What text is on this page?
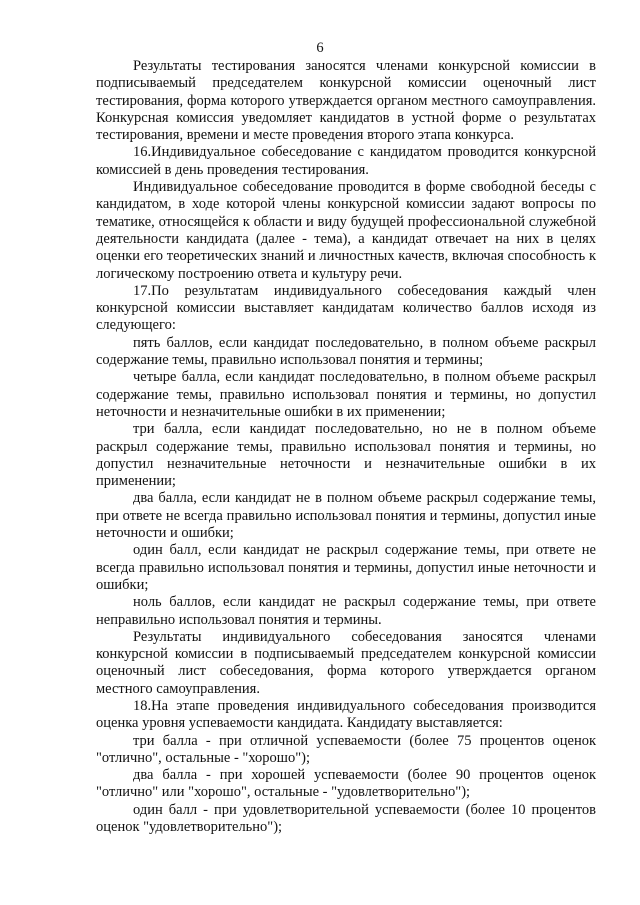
6

Результаты тестирования заносятся членами конкурсной комиссии в подписываемый председателем конкурсной комиссии оценочный лист тестирования, форма которого утверждается органом местного самоуправления. Конкурсная комиссия уведомляет кандидатов в устной форме о результатах тестирования, времени и месте проведения второго этапа конкурса.

16.Индивидуальное собеседование с кандидатом проводится конкурсной комиссией в день проведения тестирования.

Индивидуальное собеседование проводится в форме свободной беседы с кандидатом, в ходе которой члены конкурсной комиссии задают вопросы по тематике, относящейся к области и виду будущей профессиональной служебной деятельности кандидата (далее - тема), а кандидат отвечает на них в целях оценки его теоретических знаний и личностных качеств, включая способность к логическому построению ответа и культуру речи.

17.По результатам индивидуального собеседования каждый член конкурсной комиссии выставляет кандидатам количество баллов исходя из следующего:

пять баллов, если кандидат последовательно, в полном объеме раскрыл содержание темы, правильно использовал понятия и термины;

четыре балла, если кандидат последовательно, в полном объеме раскрыл содержание темы, правильно использовал понятия и термины, но допустил неточности и незначительные ошибки в их применении;

три балла, если кандидат последовательно, но не в полном объеме раскрыл содержание темы, правильно использовал понятия и термины, но допустил незначительные неточности и незначительные ошибки в их применении;

два балла, если кандидат не в полном объеме раскрыл содержание темы, при ответе не всегда правильно использовал понятия и термины, допустил иные неточности и ошибки;

один балл, если кандидат не раскрыл содержание темы, при ответе не всегда правильно использовал понятия и термины, допустил иные неточности и ошибки;

ноль баллов, если кандидат не раскрыл содержание темы, при ответе неправильно использовал понятия и термины.

Результаты индивидуального собеседования заносятся членами конкурсной комиссии в подписываемый председателем конкурсной комиссии оценочный лист собеседования, форма которого утверждается органом местного самоуправления.

18.На этапе проведения индивидуального собеседования производится оценка уровня успеваемости кандидата. Кандидату выставляется:

три балла - при отличной успеваемости (более 75 процентов оценок "отлично", остальные - "хорошо");

два балла - при хорошей успеваемости (более 90 процентов оценок "отлично" или "хорошо", остальные - "удовлетворительно");

один балл - при удовлетворительной успеваемости (более 10 процентов оценок "удовлетворительно");
